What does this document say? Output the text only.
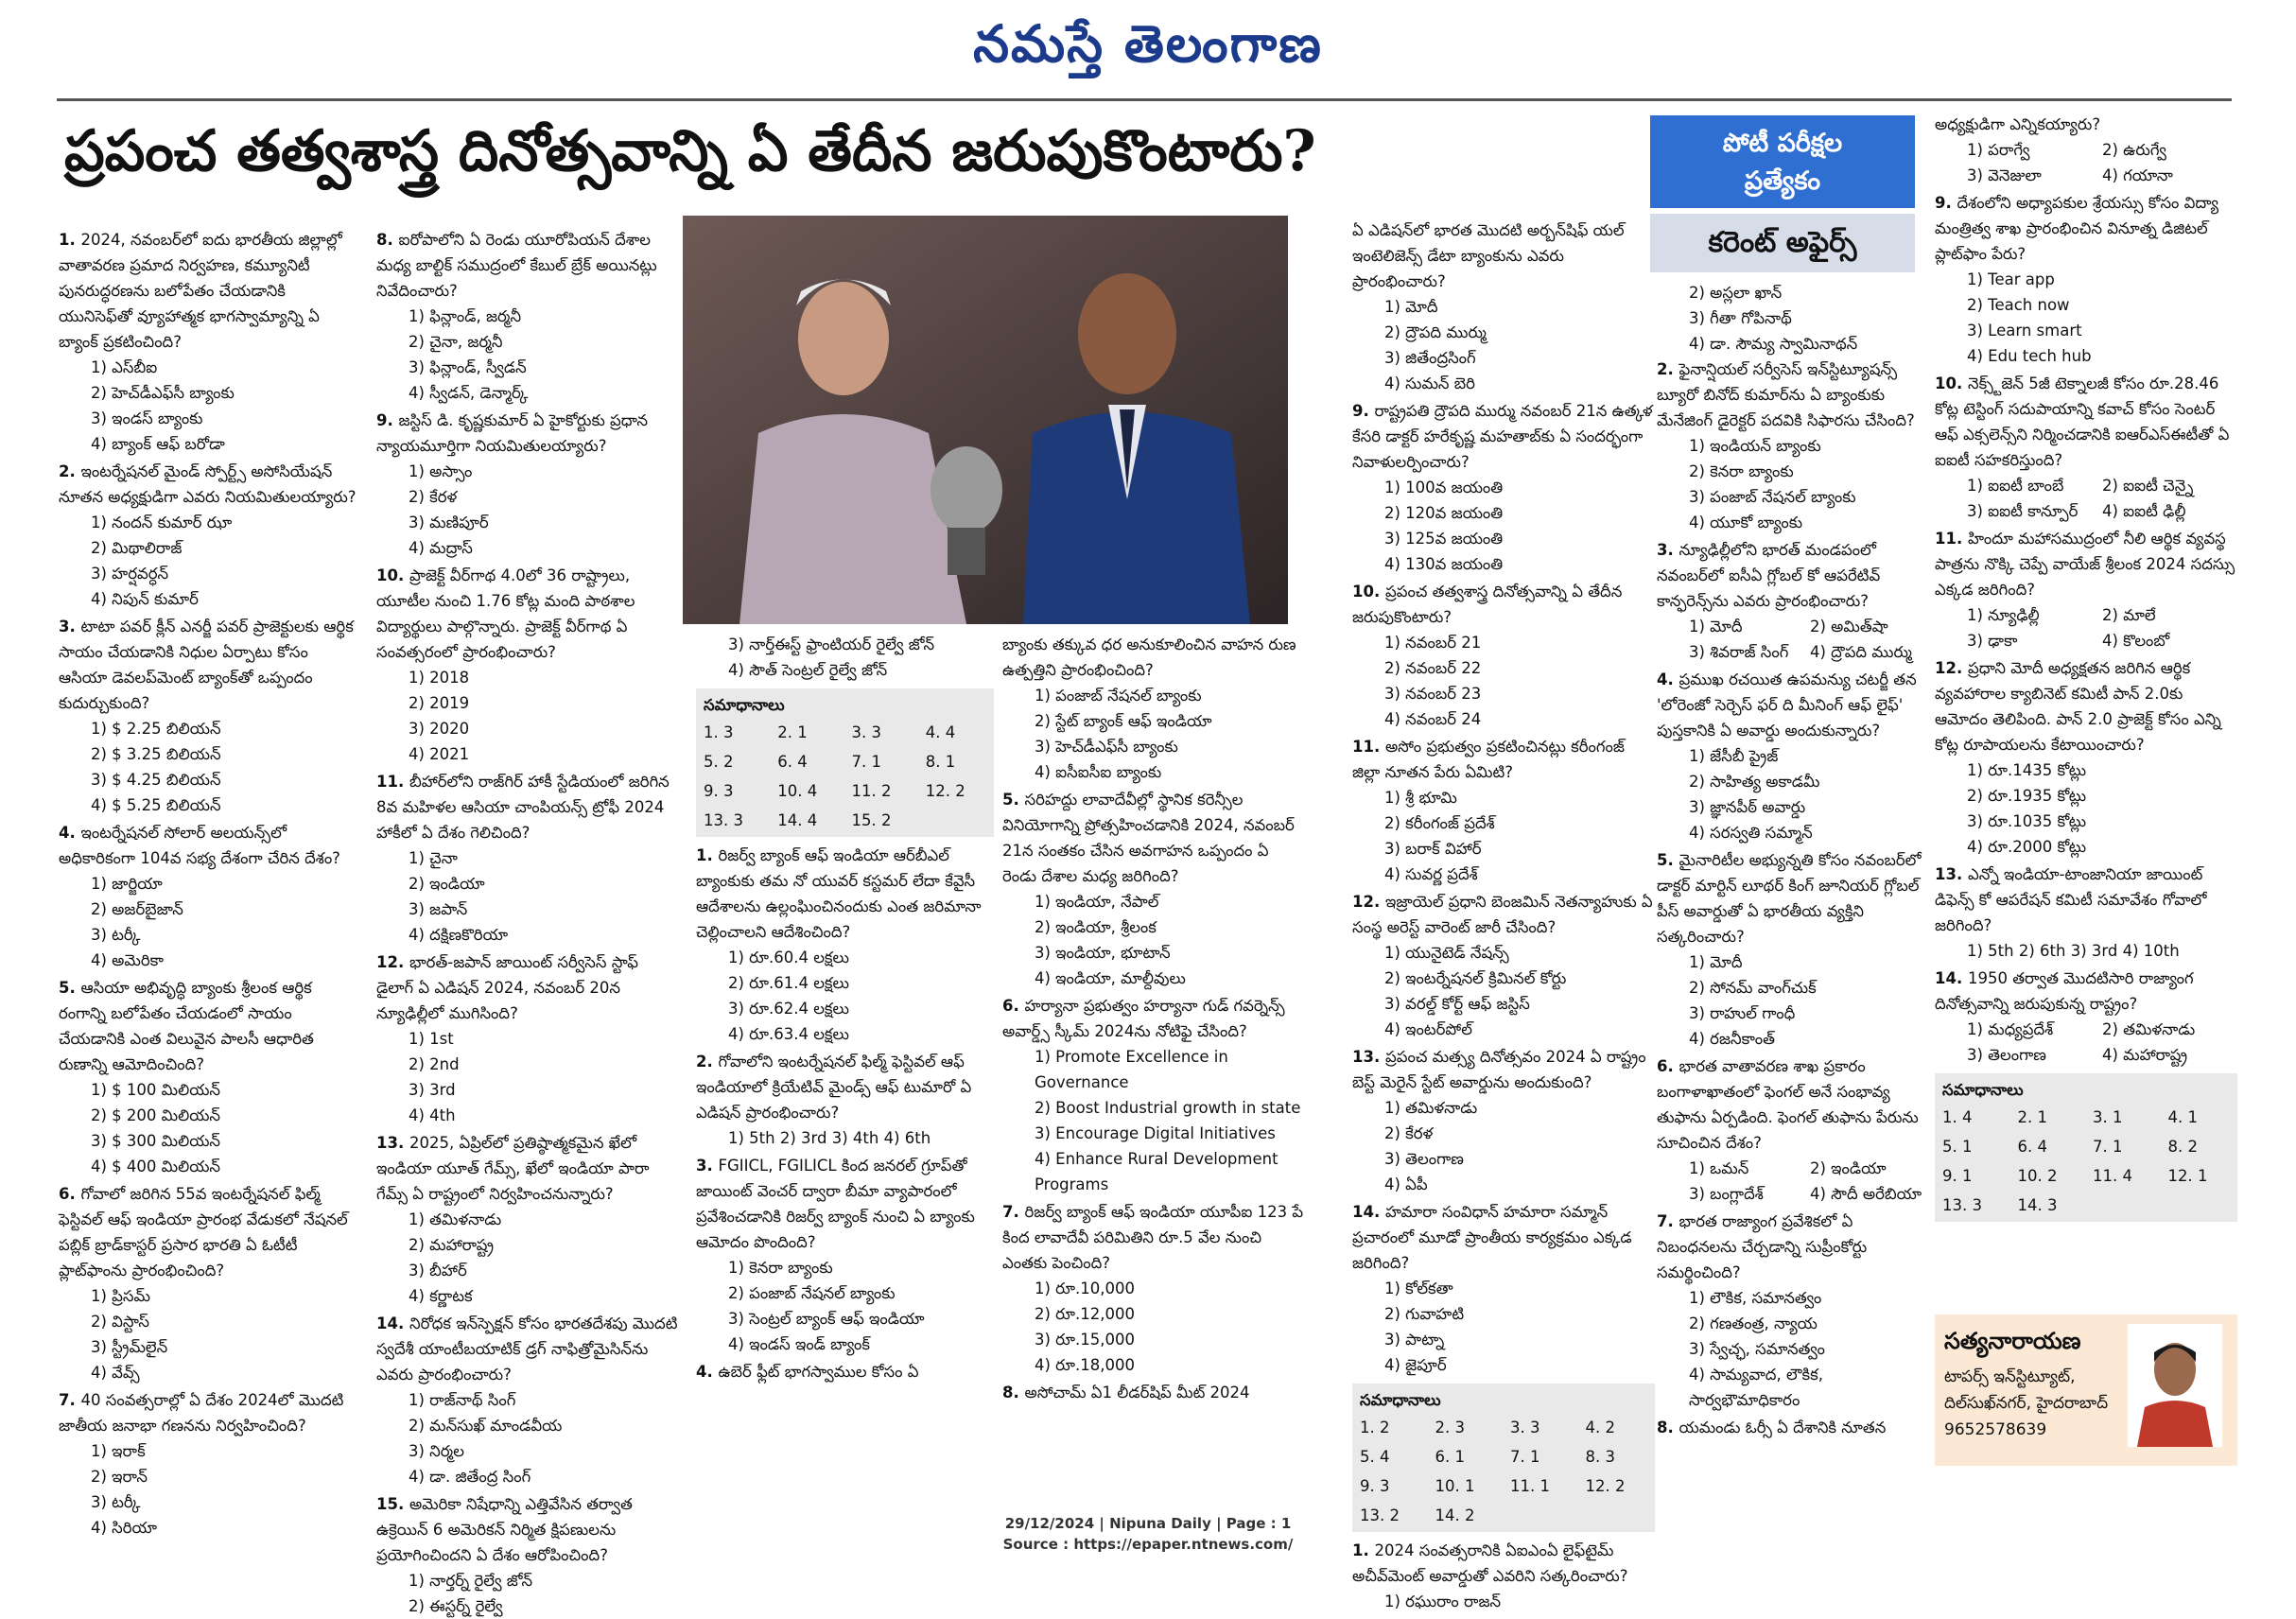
నమస్తే తెలంగాణ
ప్రపంచ తత్వశాస్త్ర దినోత్సవాన్ని ఏ తేదీన జరుపుకొంటారు?	పోటీ పరీక్షల
ప్రత్యేకం
కరెంట్ అఫైర్స్

1. 2024, నవంబర్‌లో ఐదు భారతీయ జిల్లాల్లో వాతావరణ ప్రమాద నిర్వహణ, కమ్యూనిటీ పునరుద్ధరణను బలోపేతం చేయడానికి యునిసెఫ్‌తో వ్యూహాత్మక భాగస్వామ్యాన్ని ఏ బ్యాంక్ ప్రకటించింది?

1) ఎస్‌బీఐ
2) హెచ్‌డీఎఫ్‌సీ బ్యాంకు
3) ఇండస్ బ్యాంకు
4) బ్యాంక్ ఆఫ్ బరోడా

2. ఇంటర్నేషనల్ మైండ్ స్పోర్ట్స్ అసోసియేషన్ నూతన అధ్యక్షుడిగా ఎవరు నియమితులయ్యారు?

1) నందన్ కుమార్ ఝా
2) మిథాలిరాజ్
3) హర్షవర్ధన్
4) నిపున్ కుమార్

3. టాటా పవర్ క్లీన్ ఎనర్జీ పవర్ ప్రాజెక్టులకు ఆర్థిక సాయం చేయడానికి నిధుల ఏర్పాటు కోసం ఆసియా డెవలప్‌మెంట్ బ్యాంక్‌తో ఒప్పందం కుదుర్చుకుంది?

1) $ 2.25 బిలియన్
2) $ 3.25 బిలియన్
3) $ 4.25 బిలియన్
4) $ 5.25 బిలియన్

4. ఇంటర్నేషనల్ సోలార్ అలయన్స్‌లో అధికారికంగా 104వ సభ్య దేశంగా చేరిన దేశం?

1) జార్జియా
2) అజర్‌బైజాన్
3) టర్కీ
4) అమెరికా

5. ఆసియా అభివృద్ధి బ్యాంకు శ్రీలంక ఆర్థిక రంగాన్ని బలోపేతం చేయడంలో సాయం చేయడానికి ఎంత విలువైన పాలసీ ఆధారిత రుణాన్ని ఆమోదించింది?

1) $ 100 మిలియన్
2) $ 200 మిలియన్
3) $ 300 మిలియన్
4) $ 400 మిలియన్

6. గోవాలో జరిగిన 55వ ఇంటర్నేషనల్ ఫిల్మ్ ఫెస్టివల్ ఆఫ్ ఇండియా ప్రారంభ వేడుకలో నేషనల్ పబ్లిక్ బ్రాడ్‌కాస్టర్ ప్రసార భారతి ఏ ఓటీటీ ప్లాట్‌ఫాంను ప్రారంభించింది?

1) ప్రిసమ్
2) విస్టాస్
3) స్ట్రీమ్‌లైన్
4) వేవ్స్

7. 40 సంవత్సరాల్లో ఏ దేశం 2024లో మొదటి జాతీయ జనాభా గణనను నిర్వహించింది?

1) ఇరాక్
2) ఇరాన్
3) టర్కీ
4) సిరియా

8. ఐరోపాలోని ఏ రెండు యూరోపియన్ దేశాల మధ్య బాల్టిక్ సముద్రంలో కేబుల్ బ్రేక్ అయినట్లు నివేదించారు?

1) ఫిన్లాండ్, జర్మనీ
2) చైనా, జర్మనీ
3) ఫిన్లాండ్, స్వీడన్
4) స్వీడన్, డెన్మార్క్

9. జస్టిస్ డి. కృష్ణకుమార్ ఏ హైకోర్టుకు ప్రధాన న్యాయమూర్తిగా నియమితులయ్యారు?

1) అస్సాం
2) కేరళ
3) మణిపూర్
4) మద్రాస్

10. ప్రాజెక్ట్ వీర్‌గాథ 4.0లో 36 రాష్ట్రాలు, యూటీల నుంచి 1.76 కోట్ల మంది పాఠశాల విద్యార్థులు పాల్గొన్నారు. ప్రాజెక్ట్ వీర్‌గాథ ఏ సంవత్సరంలో ప్రారంభించారు?

1) 2018
2) 2019
3) 2020
4) 2021

11. బీహార్‌లోని రాజ్‌గిర్ హాకీ స్టేడియంలో జరిగిన 8వ మహిళల ఆసియా చాంపియన్స్ ట్రోఫీ 2024 హాకీలో ఏ దేశం గెలిచింది?

1) చైనా
2) ఇండియా
3) జపాన్
4) దక్షిణకొరియా

12. భారత్-జపాన్ జాయింట్ సర్వీసెస్ స్టాఫ్ డైలాగ్ ఏ ఎడిషన్ 2024, నవంబర్ 20న న్యూఢిల్లీలో ముగిసింది?

1) 1st
2) 2nd
3) 3rd
4) 4th

13. 2025, ఏప్రిల్‌లో ప్రతిష్ఠాత్మకమైన ఖేలో ఇండియా యూత్ గేమ్స్, ఖేలో ఇండియా పారా గేమ్స్ ఏ రాష్ట్రంలో నిర్వహించనున్నారు?

1) తమిళనాడు
2) మహారాష్ట్ర
3) బీహార్
4) కర్ణాటక

14. నిరోధక ఇన్‌స్పెక్షన్ కోసం భారతదేశపు మొదటి స్వదేశీ యాంటీబయాటిక్ డ్రగ్ నాఫిత్రోమైసిన్‌ను ఎవరు ప్రారంభించారు?

1) రాజ్‌నాథ్ సింగ్
2) మన్‌సుఖ్ మాండవీయ
3) నిర్మల
4) డా. జితేంద్ర సింగ్

15. అమెరికా నిషేధాన్ని ఎత్తివేసిన తర్వాత ఉక్రెయిన్ 6 అమెరికన్ నిర్మిత క్షిపణులను ప్రయోగించిందని ఏ దేశం ఆరోపించింది?

1) నార్తర్న్ రైల్వే జోన్
2) ఈస్టర్న్ రైల్వే
3) నార్త్‌ఈస్ట్ ఫ్రాంటియర్ రైల్వే జోన్
4) సౌత్ సెంట్రల్ రైల్వే జోన్
సమాధానాలు
1. 3	2. 1	3. 3	4. 4
5. 2	6. 4	7. 1	8. 1
9. 3	10. 4	11. 2	12. 2
13. 3	14. 4	15. 2

1. రిజర్వ్ బ్యాంక్ ఆఫ్ ఇండియా ఆర్‌బీఎల్ బ్యాంకుకు తమ నో యువర్ కస్టమర్ లేదా కేవైసీ ఆదేశాలను ఉల్లంఘించినందుకు ఎంత జరిమానా చెల్లించాలని ఆదేశించింది?

1) రూ.60.4 లక్షలు
2) రూ.61.4 లక్షలు
3) రూ.62.4 లక్షలు
4) రూ.63.4 లక్షలు

2. గోవాలోని ఇంటర్నేషనల్ ఫిల్మ్ ఫెస్టివల్ ఆఫ్ ఇండియాలో క్రియేటివ్ మైండ్స్ ఆఫ్ టుమారో ఏ ఎడిషన్ ప్రారంభించారు?

1) 5th 2) 3rd 3) 4th 4) 6th

3. FGIICL, FGILICL కింద జనరల్ గ్రూప్‌తో జాయింట్ వెంచర్ ద్వారా బీమా వ్యాపారంలో ప్రవేశించడానికి రిజర్వ్ బ్యాంక్ నుంచి ఏ బ్యాంకు ఆమోదం పొందింది?

1) కెనరా బ్యాంకు
2) పంజాబ్ నేషనల్ బ్యాంకు
3) సెంట్రల్ బ్యాంక్ ఆఫ్ ఇండియా
4) ఇండస్ ఇండ్ బ్యాంక్

4. ఉబెర్ ఫ్లీట్ భాగస్వాముల కోసం ఏ

బ్యాంకు తక్కువ ధర అనుకూలించిన వాహన రుణ ఉత్పత్తిని ప్రారంభించింది?

1) పంజాబ్ నేషనల్ బ్యాంకు
2) స్టేట్ బ్యాంక్ ఆఫ్ ఇండియా
3) హెచ్‌డీఎఫ్‌సీ బ్యాంకు
4) ఐసీఐసీఐ బ్యాంకు

5. సరిహద్దు లావాదేవీల్లో స్థానిక కరెన్సీల వినియోగాన్ని ప్రోత్సహించడానికి 2024, నవంబర్ 21న సంతకం చేసిన అవగాహన ఒప్పందం ఏ రెండు దేశాల మధ్య జరిగింది?

1) ఇండియా, నేపాల్
2) ఇండియా, శ్రీలంక
3) ఇండియా, భూటాన్
4) ఇండియా, మాల్దీవులు

6. హర్యానా ప్రభుత్వం హర్యానా గుడ్ గవర్నెన్స్ అవార్డ్స్ స్కీమ్ 2024ను నోటిఫై చేసింది?

1) Promote Excellence in Governance
2) Boost Industrial growth in state
3) Encourage Digital Initiatives
4) Enhance Rural Development Programs

7. రిజర్వ్ బ్యాంక్ ఆఫ్ ఇండియా యూపీఐ 123 పే కింద లావాదేవీ పరిమితిని రూ.5 వేల నుంచి ఎంతకు పెంచింది?

1) రూ.10,000
2) రూ.12,000
3) రూ.15,000
4) రూ.18,000

8. అసోచామ్ ఏ1 లీడర్‌షిప్ మీట్ 2024

ఏ ఎడిషన్‌లో భారత మొదటి అర్బన్‌షిఫ్ యల్ ఇంటెలిజెన్స్ డేటా బ్యాంకును ఎవరు ప్రారంభించారు?

1) మోదీ
2) ద్రౌపది ముర్ము
3) జితేంద్రసింగ్
4) సుమన్ బెరి

9. రాష్ట్రపతి ద్రౌపది ముర్ము నవంబర్ 21న ఉత్కళ కేసరి డాక్టర్ హరేకృష్ణ మహతాబ్‌కు ఏ సందర్భంగా నివాళులర్పించారు?

1) 100వ జయంతి
2) 120వ జయంతి
3) 125వ జయంతి
4) 130వ జయంతి

10. ప్రపంచ తత్వశాస్త్ర దినోత్సవాన్ని ఏ తేదీన జరుపుకొంటారు?

1) నవంబర్ 21
2) నవంబర్ 22
3) నవంబర్ 23
4) నవంబర్ 24

11. అసోం ప్రభుత్వం ప్రకటించినట్లు కరీంగంజ్ జిల్లా నూతన పేరు ఏమిటి?

1) శ్రీ భూమి
2) కరీంగంజ్ ప్రదేశ్
3) బరాక్ విహార్
4) సువర్ణ ప్రదేశ్

12. ఇజ్రాయెల్ ప్రధాని బెంజమిన్ నెతన్యాహుకు ఏ సంస్థ అరెస్ట్ వారెంట్ జారీ చేసింది?

1) యునైటెడ్ నేషన్స్
2) ఇంటర్నేషనల్ క్రిమినల్ కోర్టు
3) వరల్డ్ కోర్ట్ ఆఫ్ జస్టిస్
4) ఇంటర్‌పోల్

13. ప్రపంచ మత్స్య దినోత్సవం 2024 ఏ రాష్ట్రం బెస్ట్ మెరైన్ స్టేట్ అవార్డును అందుకుంది?

1) తమిళనాడు
2) కేరళ
3) తెలంగాణ
4) ఏపీ

14. హమారా సంవిధాన్ హమారా సమ్మాన్ ప్రచారంలో మూడో ప్రాంతీయ కార్యక్రమం ఎక్కడ జరిగింది?

1) కోల్‌కతా
2) గువాహటి
3) పాట్నా
4) జైపూర్
సమాధానాలు
1. 2	2. 3	3. 3	4. 2
5. 4	6. 1	7. 1	8. 3
9. 3	10. 1	11. 1	12. 2
13. 2	14. 2

1. 2024 సంవత్సరానికి ఏఐఎంఏ లైఫ్‌టైమ్ అచీవ్‌మెంట్ అవార్డుతో ఎవరిని సత్కరించారు?

1) రఘురాం రాజన్
2) అస్లలా ఖాన్
3) గీతా గోపినాథ్
4) డా. సౌమ్య స్వామినాథన్

2. ఫైనాన్షియల్ సర్వీసెస్ ఇన్‌స్టిట్యూషన్స్ బ్యూరో బినోద్ కుమార్‌ను ఏ బ్యాంకుకు మేనేజింగ్ డైరెక్టర్ పదవికి సిఫారసు చేసింది?

1) ఇండియన్ బ్యాంకు
2) కెనరా బ్యాంకు
3) పంజాబ్ నేషనల్ బ్యాంకు
4) యూకో బ్యాంకు

3. న్యూఢిల్లీలోని భారత్ మండపంలో నవంబర్‌లో ఐసీఏ గ్లోబల్ కో ఆపరేటివ్ కాన్ఫరెన్స్‌ను ఎవరు ప్రారంభించారు?

1) మోదీ	2) అమిత్‌షా
3) శివరాజ్ సింగ్	4) ద్రౌపది ముర్ము

4. ప్రముఖ రచయిత ఉపమన్యు చటర్జీ తన 'లోరెంజో సెర్చెస్ ఫర్ ది మీనింగ్ ఆఫ్ లైఫ్' పుస్తకానికి ఏ అవార్డు అందుకున్నారు?

1) జేసీబీ ప్రైజ్
2) సాహిత్య అకాడమీ
3) జ్ఞానపీఠ్ అవార్డు
4) సరస్వతి సమ్మాన్

5. మైనారిటీల అభ్యున్నతి కోసం నవంబర్‌లో డాక్టర్ మార్టిన్ లూథర్ కింగ్ జూనియర్ గ్లోబల్ పీస్ అవార్డుతో ఏ భారతీయ వ్యక్తిని సత్కరించారు?

1) మోదీ
2) సోనమ్ వాంగ్‌చుక్
3) రాహుల్ గాంధీ
4) రజనీకాంత్

6. భారత వాతావరణ శాఖ ప్రకారం బంగాళాఖాతంలో ఫెంగల్ అనే సంభావ్య తుఫాను ఏర్పడింది. ఫెంగల్ తుఫాను పేరును సూచించిన దేశం?

1) ఒమన్	2) ఇండియా
3) బంగ్లాదేశ్	4) సౌదీ అరేబియా

7. భారత రాజ్యాంగ ప్రవేశికలో ఏ నిబంధనలను చేర్చడాన్ని సుప్రీంకోర్టు సమర్థించింది?

1) లౌకిక, సమానత్వం
2) గణతంత్ర, న్యాయ
3) స్వేచ్ఛ, సమానత్వం
4) సామ్యవాద, లౌకిక, సార్వభౌమాధికారం

8. యమండు ఓర్సీ ఏ దేశానికి నూతన

అధ్యక్షుడిగా ఎన్నికయ్యారు?

1) పరాగ్వే	2) ఉరుగ్వే
3) వెనెజులా	4) గయానా

9. దేశంలోని అధ్యాపకుల శ్రేయస్సు కోసం విద్యా మంత్రిత్వ శాఖ ప్రారంభించిన వినూత్న డిజిటల్ ప్లాట్‌ఫాం పేరు?

1) Tear app
2) Teach now
3) Learn smart
4) Edu tech hub

10. నెక్స్ట్‌జెన్ 5జీ టెక్నాలజీ కోసం రూ.28.46 కోట్ల టెస్టింగ్ సదుపాయాన్ని కవాచ్ కోసం సెంటర్ ఆఫ్ ఎక్సలెన్స్‌ని నిర్మించడానికి ఐఆర్‌ఎస్‌ఈటీతో ఏ ఐఐటీ సహకరిస్తుంది?

1) ఐఐటీ బాంబే	2) ఐఐటీ చెన్నై
3) ఐఐటీ కాన్పూర్	4) ఐఐటీ ఢిల్లీ

11. హిందూ మహాసముద్రంలో నీలి ఆర్థిక వ్యవస్థ పాత్రను నొక్కి చెప్పే వాయేజ్ శ్రీలంక 2024 సదస్సు ఎక్కడ జరిగింది?

1) న్యూఢిల్లీ	2) మాలే
3) ఢాకా	4) కొలంబో

12. ప్రధాని మోదీ అధ్యక్షతన జరిగిన ఆర్థిక వ్యవహారాల క్యాబినెట్ కమిటీ పాన్ 2.0కు ఆమోదం తెలిపింది. పాన్ 2.0 ప్రాజెక్ట్ కోసం ఎన్ని కోట్ల రూపాయలను కేటాయించారు?

1) రూ.1435 కోట్లు
2) రూ.1935 కోట్లు
3) రూ.1035 కోట్లు
4) రూ.2000 కోట్లు

13. ఎన్నో ఇండియా-టాంజానియా జాయింట్ డిఫెన్స్ కో ఆపరేషన్ కమిటీ సమావేశం గోవాలో జరిగింది?

1) 5th 2) 6th 3) 3rd 4) 10th

14. 1950 తర్వాత మొదటిసారి రాజ్యాంగ దినోత్సవాన్ని జరుపుకున్న రాష్ట్రం?

1) మధ్యప్రదేశ్	2) తమిళనాడు
3) తెలంగాణ	4) మహారాష్ట్ర
సమాధానాలు
1. 4	2. 1	3. 1	4. 1
5. 1	6. 4	7. 1	8. 2
9. 1	10. 2	11. 4	12. 1
13. 3	14. 3
సత్యనారాయణ
టాపర్స్ ఇన్‌స్టిట్యూట్,
దిల్‌సుఖ్‌నగర్, హైదరాబాద్
9652578639
29/12/2024 | Nipuna Daily | Page : 1
Source : https://epaper.ntnews.com/
